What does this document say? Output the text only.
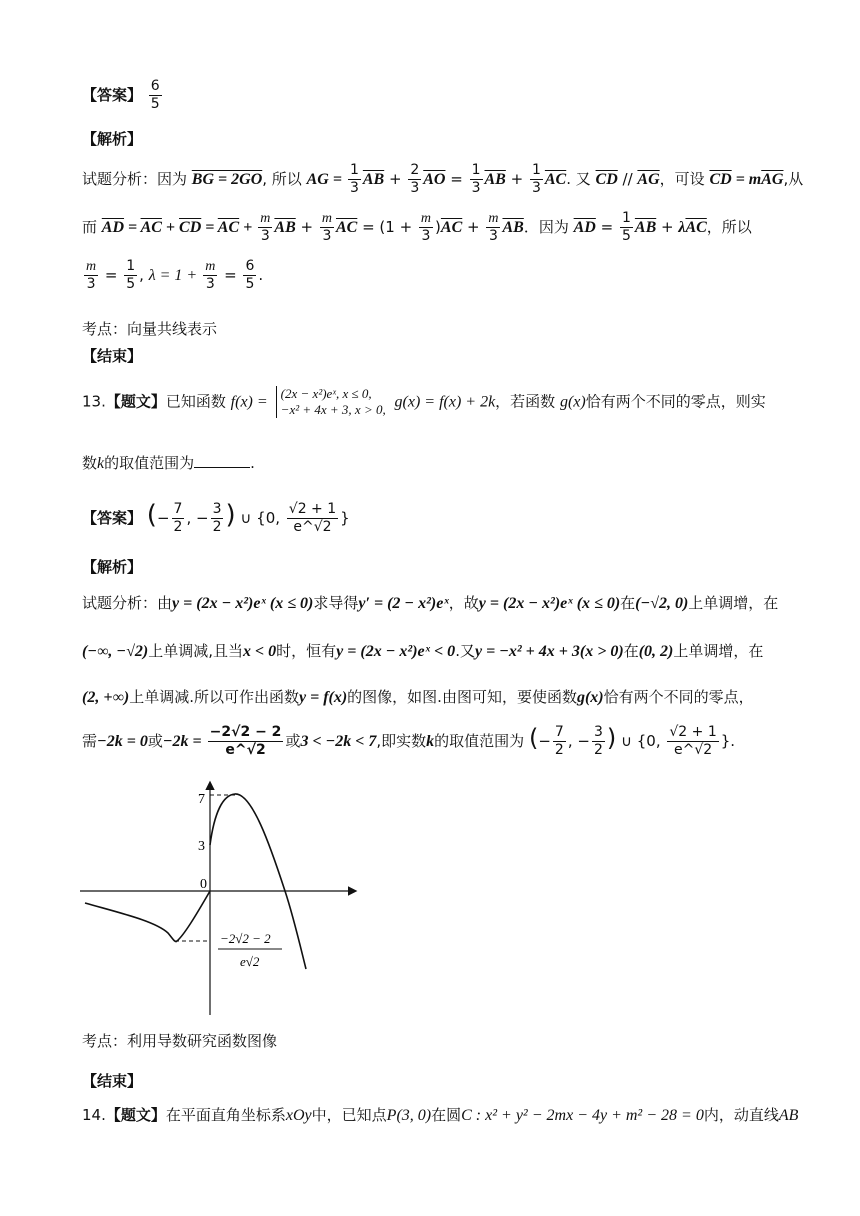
【答案】 $\frac{6}{5}$
【解析】
试题分析：因为 BG = 2GO, 所以 AG = $\frac{1}{3} \overline{AB} + \frac{2}{3} \overline{AO} = \frac{1}{3} \overline{AB} + \frac{1}{3} \overline{AC}$. 又 $\overline{CD} // \overline{AG}$，可设 $\overline{CD} = m\overline{AG}$,从
而 $\overline{AD} = \overline{AC} + \overline{CD} = \overline{AC} + \frac{m}{3} \overline{AB} + \frac{m}{3} \overline{AC} = (1 + \frac{m}{3} )\overline{AC} + \frac{m}{3} \overline{AB}$．因为 $\overline{AD} = \frac{1}{5} \overline{AB} + \lambda\overline{AC}$，所以
$\frac{m}{3} = \frac{1}{5}$ , $\lambda = 1 + \frac{m}{3} = \frac{6}{5}$ .
考点：向量共线表示
【结束】
13.【题文】已知函数 f(x) = (2x − x²)eˣ, x ≤ 0,
−x² + 4x + 3, x > 0, g(x) = f(x) + 2k，若函数 g(x)恰有两个不同的零点，则实
数k的取值范围为	.
【答案】 (− $\frac{7}{2}$ , − $\frac{3}{2}$ ) ∪ {0, $\frac{√2 + 1}{e\^{}√2}$ }
【解析】
试题分析：由y = (2x − x²)eˣ (x ≤ 0)求导得y′ = (2 − x²)eˣ，故y = (2x − x²)eˣ (x ≤ 0)在(−√2, 0)上单调增，在
(−∞, −√2)上单调减,且当x < 0时，恒有y = (2x − x²)eˣ < 0.又y = −x² + 4x + 3(x > 0)在(0, 2)上单调增，在
(2, +∞)上单调减.所以可作出函数y = f(x)的图像，如图.由图可知，要使函数g(x)恰有两个不同的零点，
需−2k = 0或$-2k = \frac{-2√2 - 2}{e\^{}√2}$ 或3 < −2k < 7,即实数k的取值范围为 (− $\frac{7}{2}$ , − $\frac{3}{2}$ ) ∪ {0, $\frac{√2 + 1}{e\^{}√2}$ }.
7
3
0
−2√2 − 2
e√2
考点：利用导数研究函数图像
【结束】
14.【题文】在平面直角坐标系xOy中，已知点P(3, 0)在圆C : x² + y² − 2mx − 4y + m² − 28 = 0内，动直线AB
